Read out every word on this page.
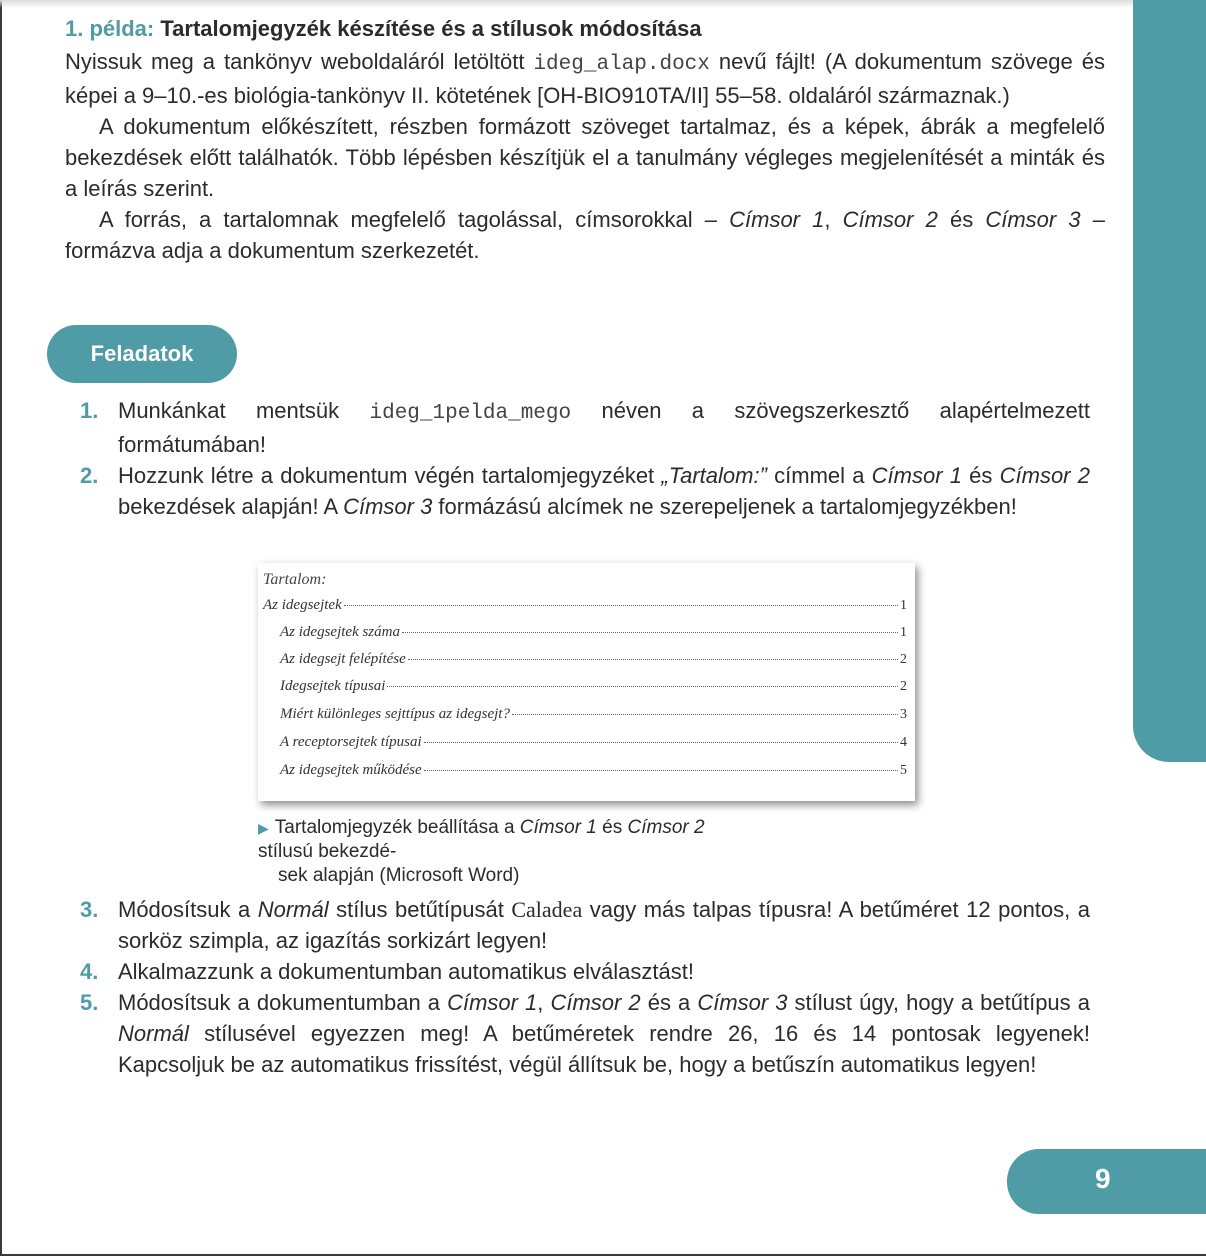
1. példa: Tartalomjegyzék készítése és a stílusok módosítása

Nyissuk meg a tankönyv weboldaláról letöltött ideg_alap.docx nevű fájlt! (A dokumentum szövege és képei a 9–10.-es biológia-tankönyv II. kötetének [OH-BIO910TA/II] 55–58. oldaláról származnak.)

A dokumentum előkészített, részben formázott szöveget tartalmaz, és a képek, ábrák a megfelelő bekezdések előtt találhatók. Több lépésben készítjük el a tanulmány végleges megjelenítését a minták és a leírás szerint.

A forrás, a tartalomnak megfelelő tagolással, címsorokkal – Címsor 1, Címsor 2 és Címsor 3 – formázva adja a dokumentum szerkezetét.

Feladatok
1. Munkánkat mentsük ideg_1pelda_mego néven a szövegszerkesztő alapértelmezett formátumában!
2. Hozzunk létre a dokumentum végén tartalomjegyzéket „Tartalom:” címmel a Címsor 1 és Címsor 2 bekezdések alapján! A Címsor 3 formázású alcímek ne szerepeljenek a tartalomjegyzékben!
Tartalom:
Az idegsejtek	1
Az idegsejtek száma	1
Az idegsejt felépítése	2
Idegsejtek típusai	2
Miért különleges sejttípus az idegsejt?	3
A receptorsejtek típusai	4
Az idegsejtek működése	5
▶ Tartalomjegyzék beállítása a Címsor 1 és Címsor 2 stílusú bekezdé-
sek alapján (Microsoft Word)
3. Módosítsuk a Normál stílus betűtípusát Caladea vagy más talpas típusra! A betűméret 12 pontos, a sorköz szimpla, az igazítás sorkizárt legyen!
4. Alkalmazzunk a dokumentumban automatikus elválasztást!
5. Módosítsuk a dokumentumban a Címsor 1, Címsor 2 és a Címsor 3 stílust úgy, hogy a betűtípus a Normál stílusével egyezzen meg! A betűméretek rendre 26, 16 és 14 pontosak legyenek! Kapcsoljuk be az automatikus frissítést, végül állítsuk be, hogy a betűszín automatikus legyen!
9
